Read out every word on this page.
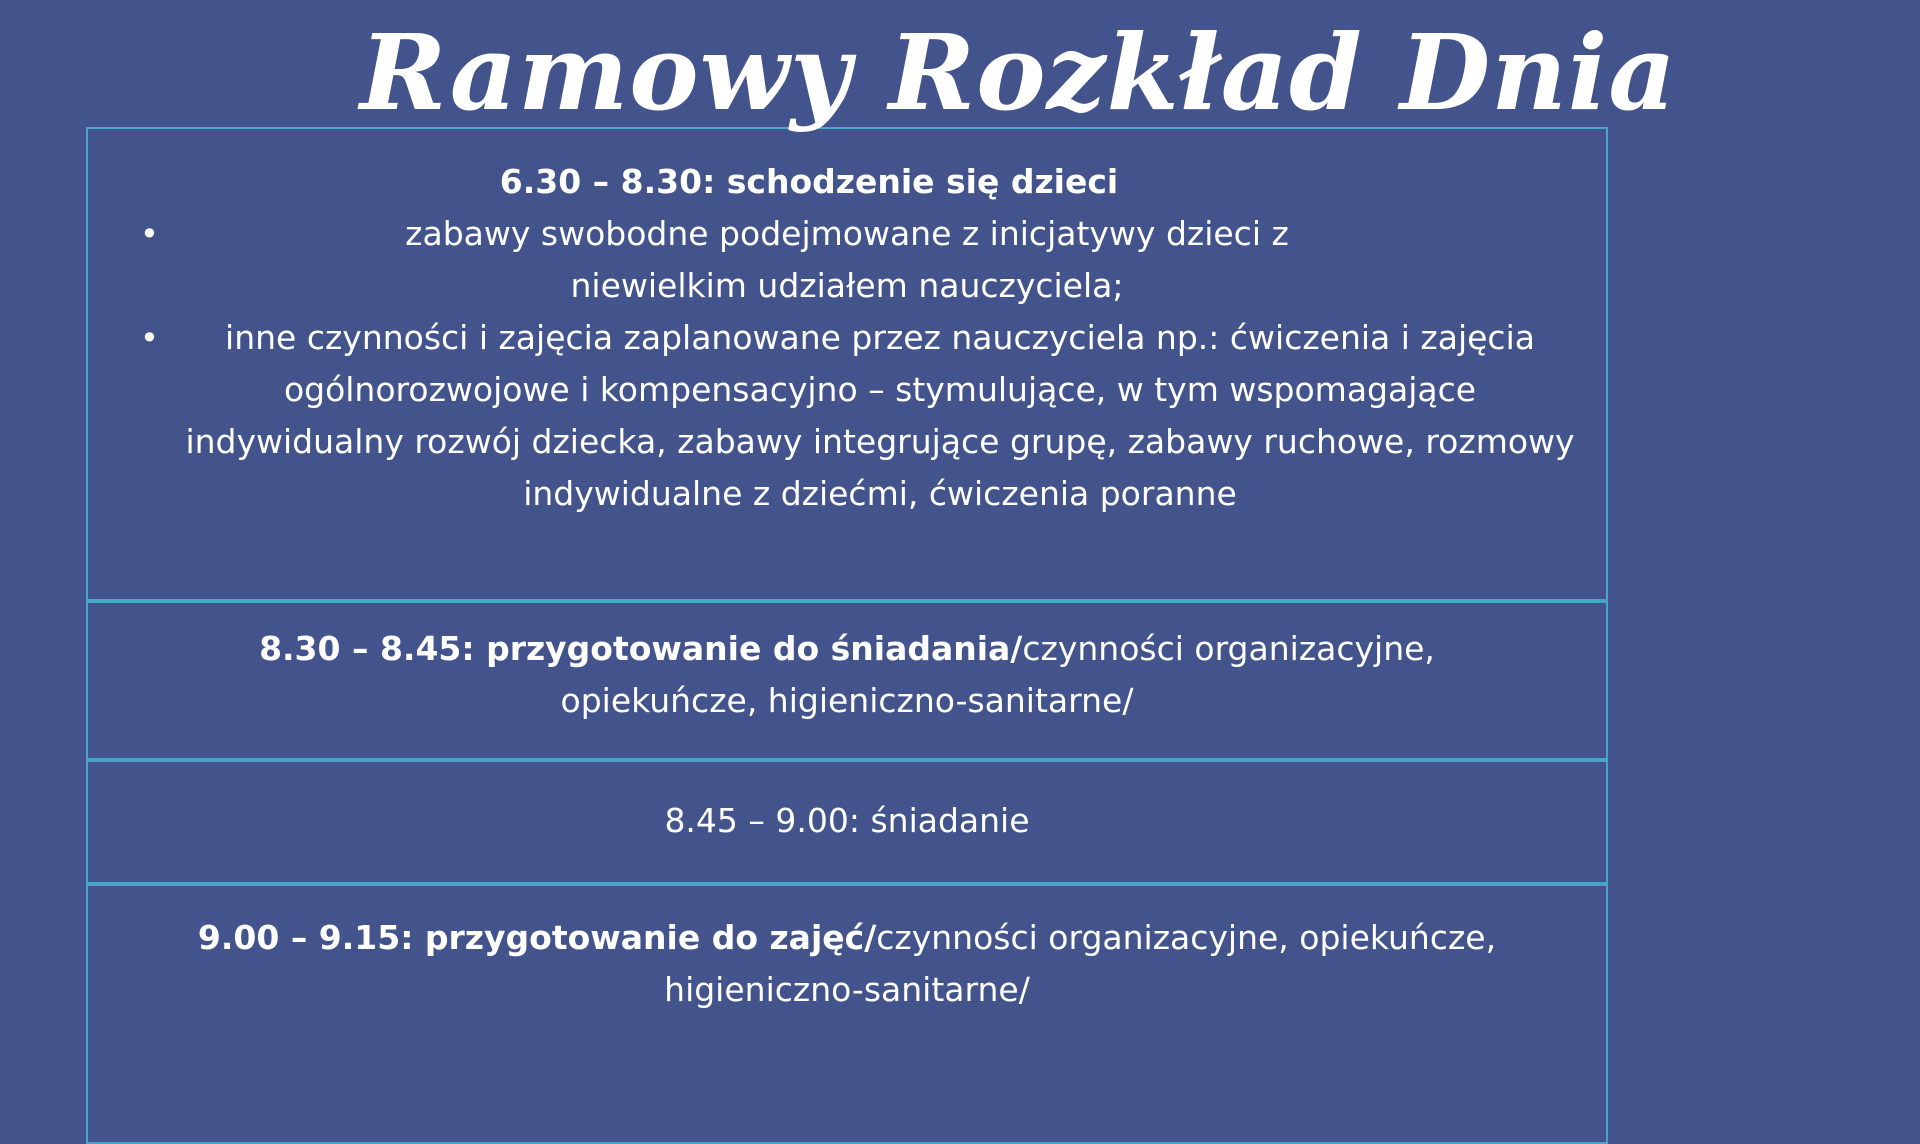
Ramowy Rozkład Dnia
6.30 – 8.30: schodzenie się dzieci
• zabawy swobodne podejmowane z inicjatywy dzieci z niewielkim udziałem nauczyciela;
• inne czynności i zajęcia zaplanowane przez nauczyciela np.: ćwiczenia i zajęcia ogólnorozwojowe i kompensacyjno – stymulujące, w tym wspomagające indywidualny rozwój dziecka, zabawy integrujące grupę, zabawy ruchowe, rozmowy indywidualne z dziećmi, ćwiczenia poranne
8.30 – 8.45: przygotowanie do śniadania/czynności organizacyjne, opiekuńcze, higieniczno-sanitarne/
8.45 – 9.00: śniadanie
9.00 – 9.15: przygotowanie do zajęć/czynności organizacyjne, opiekuńcze, higieniczno-sanitarne/
